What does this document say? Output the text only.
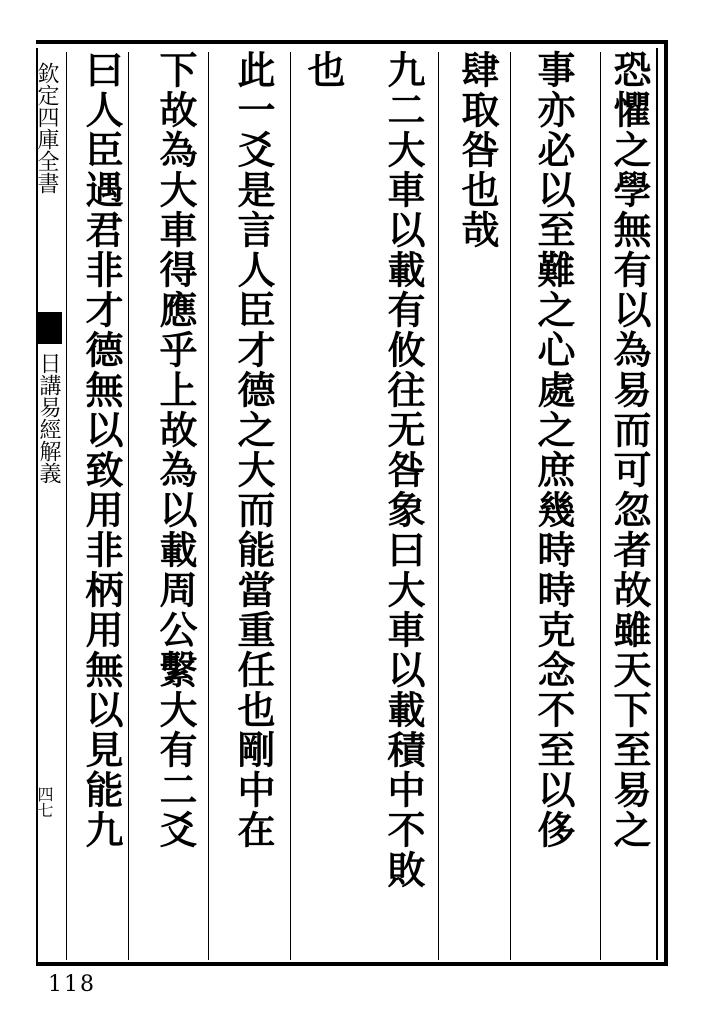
欽定四庫全書
日講易經解義
四七	恐懼之學無有以為易而可忽者故雖天下至易之
事亦必以至難之心處之庶幾時時克念不至以侈
肆取咎也哉
九二大車以載有攸往无咎象曰大車以載積中不敗
也
此一爻是言人臣才德之大而能當重任也剛中在
下故為大車得應乎上故為以載周公繫大有二爻
曰人臣遇君非才德無以致用非柄用無以見能九
118
